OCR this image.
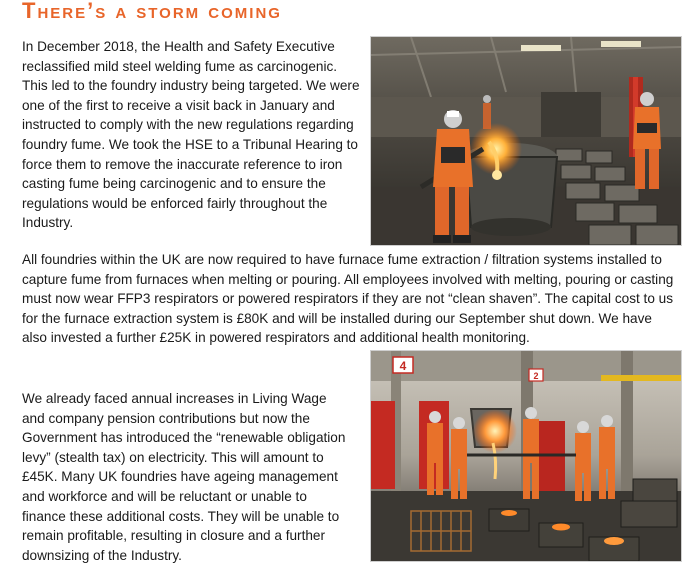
There’s a storm coming

In December 2018, the Health and Safety Executive reclassified mild steel welding fume as carcinogenic. This led to the foundry industry being targeted. We were one of the first to receive a visit back in January and instructed to comply with the new regulations regarding foundry fume. We took the HSE to a Tribunal Hearing to force them to remove the inaccurate reference to iron casting fume being carcinogenic and to ensure the regulations would be enforced fairly throughout the Industry.

All foundries within the UK are now required to have furnace fume extraction / filtration systems installed to capture fume from furnaces when melting or pouring. All employees involved with melting, pouring or casting must now wear FFP3 respirators or powered respirators if they are not “clean shaven”. The capital cost to us for the furnace extraction system is £80K and will be installed during our September shut down. We have also invested a further £25K in powered respirators and additional health monitoring.

4
2

We already faced annual increases in Living Wage and company pension contributions but now the Government has introduced the “renewable obligation levy” (stealth tax) on electricity. This will amount to £45K. Many UK foundries have ageing management and workforce and will be reluctant or unable to finance these additional costs. They will be unable to remain profitable, resulting in closure and a further downsizing of the Industry.
